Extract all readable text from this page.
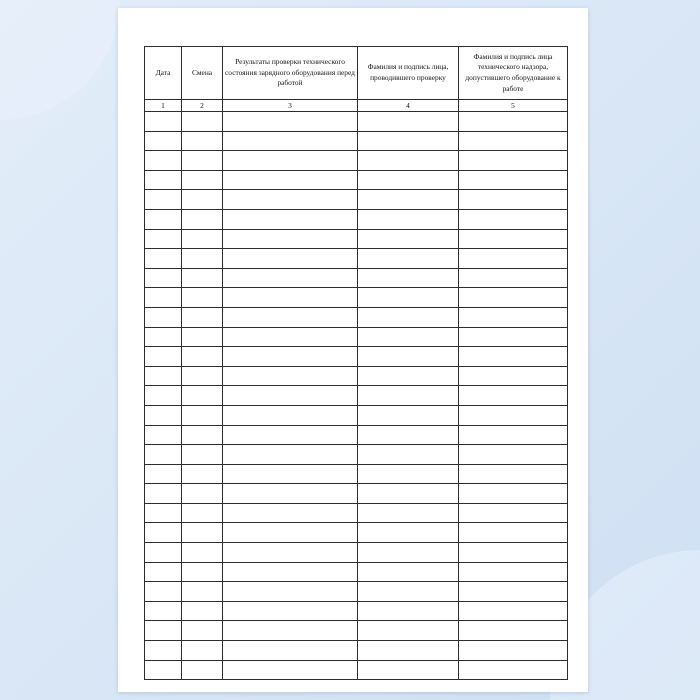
Дата	Смена	Результаты проверки технического состояния зарядного оборудования перед работой	Фамилия и подпись лица, проводившего проверку	Фамилия и подпись лица технического надзора, допустившего оборудование к работе
1	2	3	4	5
